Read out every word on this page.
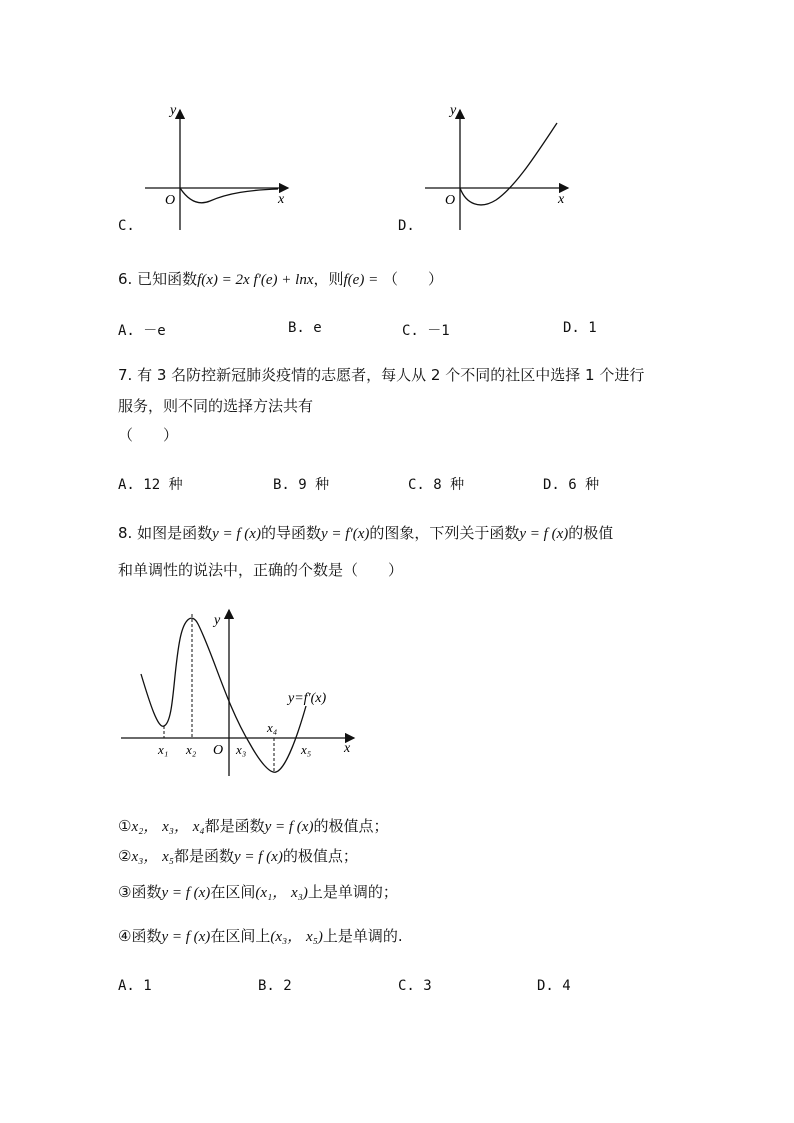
y
x
O
C.
y
x
O
D.
6. 已知函数f(x) = 2x f′(e) + lnx，则f(e) = （　　）
A. －e	B. e	C. －1	D. 1
7. 有 3 名防控新冠肺炎疫情的志愿者，每人从 2 个不同的社区中选择 1 个进行
服务，则不同的选择方法共有
（　　）
A. 12 种	B. 9 种	C. 8 种	D. 6 种
8. 如图是函数y = f (x)的导函数y = f′(x)的图象，下列关于函数y = f (x)的极值
和单调性的说法中，正确的个数是（　　）
y
x
O
y=f′(x)
x₁ x₂	x₃
x₄
x₅
①x₂， x₃， x₄都是函数y = f (x)的极值点；
②x₃， x₅都是函数y = f (x)的极值点；
③函数y = f (x)在区间(x₁， x₃)上是单调的；
④函数y = f (x)在区间上(x₃， x₅)上是单调的.
A. 1	B. 2	C. 3	D. 4
